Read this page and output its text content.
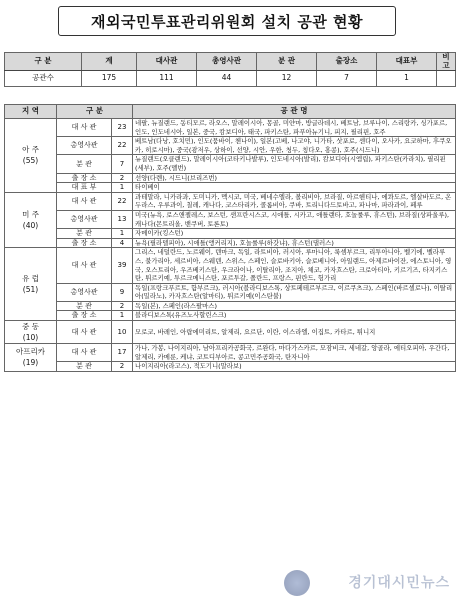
재외국민투표관리위원회 설치 공관 현황
구 분	계	대사관	총영사관	분 관	출장소	대표부	비 고
공관수	175	111	44	12	7	1	
지 역	구 분		공 관 명

아 주
(55)	대 사 관	23	네팔, 뉴질랜드, 동티모르, 라오스, 말레이시아, 몽골, 미얀마, 방글라데시, 베트남, 브루나이, 스리랑카, 싱가포르, 인도, 인도네시아, 일본, 중국, 캄보디아, 태국, 파키스탄, 파푸아뉴기니, 피지, 필리핀, 호주
	총영사관	22	베트남(다낭, 호치민), 인도(뭄바이, 첸나이), 일본(고베, 나고야, 니가타, 삿포로, 센다이, 오사카, 요코하마, 후쿠오카, 히로시마), 중국(광저우, 상하이, 선양, 시안, 우한, 청두, 칭다오, 홍콩), 호주(시드니)
	분 관	7	뉴질랜드(오클랜드), 말레이시아(코타키나발루), 인도네시아(발리), 캄보디아(시엠립), 파키스탄(카라치), 필리핀(세부), 호주(멜번)
	출 장 소	2	선양(다롄), 시드니(브리즈번)
	대 표 부	1	타이베이

미 주
(40)	대 사 관	22	과테말라, 니카라과, 도미니카, 멕시코, 미국, 베네수엘라, 볼리비아, 브라질, 아르헨티나, 에콰도르, 엘살바도르, 온두라스, 우루과이, 칠레, 캐나다, 코스타리카, 콜롬비아, 쿠바, 트리니다드토바고, 파나마, 파라과이, 페루
	총영사관	13	미국(뉴욕, 로스앤젤레스, 보스턴, 샌프란시스코, 시애틀, 시카고, 애틀랜타, 호놀룰루, 휴스턴), 브라질(상파울루), 캐나다(몬트리올, 밴쿠버, 토론토)
	분 관	1	자메이카(킹스턴)
	출 장 소	4	뉴욕(필라델피아), 시애틀(앵커리지), 호놀룰루(하갓냐), 휴스턴(댈러스)

유 럽
(51)	대 사 관	39	그리스, 네덜란드, 노르웨이, 덴마크, 독일, 라트비아, 러시아, 루마니아, 룩셈부르크, 리투아니아, 벨기에, 벨라루스, 불가리아, 세르비아, 스웨덴, 스위스, 스페인, 슬로바키아, 슬로베니아, 아일랜드, 아제르바이잔, 에스토니아, 영국, 오스트리아, 우즈베키스탄, 우크라이나, 이탈리아, 조지아, 체코, 카자흐스탄, 크로아티아, 키르기즈, 타지키스탄, 튀르키예, 투르크메니스탄, 포르투갈, 폴란드, 프랑스, 핀란드, 헝가리
	총영사관	9	독일(프랑크푸르트, 함부르크), 러시아(블라디보스톡, 상트페테르부르크, 이르쿠츠크), 스페인(바르셀로나), 이탈리아(밀라노), 카자흐스탄(알마티), 튀르키예(이스탄불)
	분 관	2	독일(본), 스페인(라스팔마스)
	출 장 소	1	블라디보스톡(유즈노사할린스크)

중 동
(10)	대 사 관	10	모로코, 바레인, 아랍에미리트, 알제리, 요르단, 이란, 이스라엘, 이집트, 카타르, 튀니지

아프리카
(19)	대 사 관	17	가나, 가봉, 나이지리아, 남아프리카공화국, 르완다, 마다가스카르, 모잠비크, 세네갈, 앙골라, 에티오피아, 우간다, 알제리, 카메룬, 케냐, 코트디부아르, 콩고민주공화국, 탄자니아
	분 관	2	나이지리아(라고스), 적도기니(말라보)
경기대시민뉴스
